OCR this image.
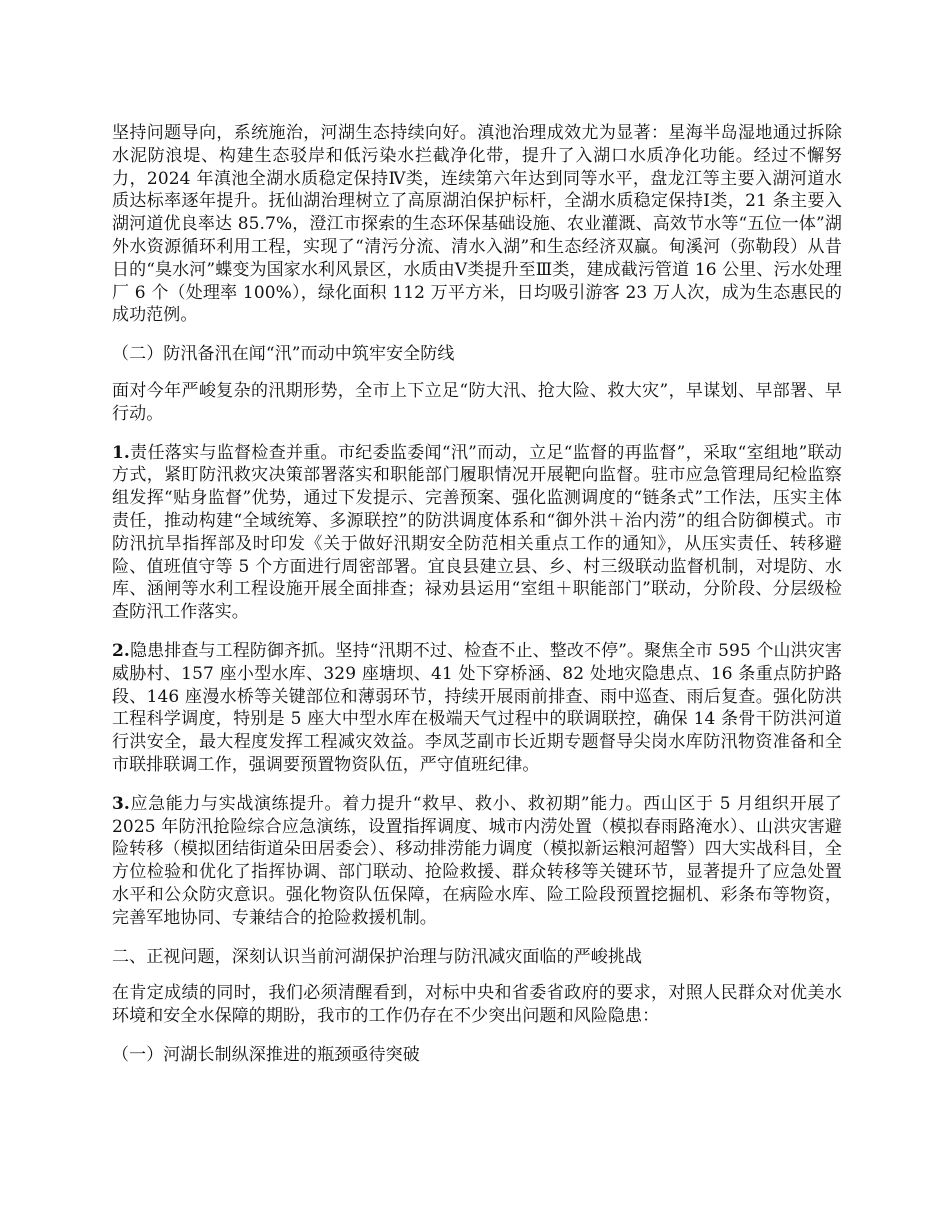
坚持问题导向，系统施治，河湖生态持续向好。滇池治理成效尤为显著：星海半岛湿地通过拆除水泥防浪堤、构建生态驳岸和低污染水拦截净化带，提升了入湖口水质净化功能。经过不懈努力，2024 年滇池全湖水质稳定保持Ⅳ类，连续第六年达到同等水平，盘龙江等主要入湖河道水质达标率逐年提升。抚仙湖治理树立了高原湖泊保护标杆，全湖水质稳定保持Ⅰ类，21 条主要入湖河道优良率达 85.7%，澄江市探索的生态环保基础设施、农业灌溉、高效节水等“五位一体”湖外水资源循环利用工程，实现了“清污分流、清水入湖”和生态经济双赢。甸溪河（弥勒段）从昔日的“臭水河”蝶变为国家水利风景区，水质由Ⅴ类提升至Ⅲ类，建成截污管道 16 公里、污水处理厂 6 个（处理率 100%），绿化面积 112 万平方米，日均吸引游客 23 万人次，成为生态惠民的成功范例。

（二）防汛备汛在闻“汛”而动中筑牢安全防线

面对今年严峻复杂的汛期形势，全市上下立足“防大汛、抢大险、救大灾”，早谋划、早部署、早行动。

1.责任落实与监督检查并重。市纪委监委闻“汛”而动，立足“监督的再监督”，采取“室组地”联动方式，紧盯防汛救灾决策部署落实和职能部门履职情况开展靶向监督。驻市应急管理局纪检监察组发挥“贴身监督”优势，通过下发提示、完善预案、强化监测调度的“链条式”工作法，压实主体责任，推动构建“全域统筹、多源联控”的防洪调度体系和“御外洪＋治内涝”的组合防御模式。市防汛抗旱指挥部及时印发《关于做好汛期安全防范相关重点工作的通知》，从压实责任、转移避险、值班值守等 5 个方面进行周密部署。宜良县建立县、乡、村三级联动监督机制，对堤防、水库、涵闸等水利工程设施开展全面排查；禄劝县运用“室组＋职能部门”联动，分阶段、分层级检查防汛工作落实。

2.隐患排查与工程防御齐抓。坚持“汛期不过、检查不止、整改不停”。聚焦全市 595 个山洪灾害威胁村、157 座小型水库、329 座塘坝、41 处下穿桥涵、82 处地灾隐患点、16 条重点防护路段、146 座漫水桥等关键部位和薄弱环节，持续开展雨前排查、雨中巡查、雨后复查。强化防洪工程科学调度，特别是 5 座大中型水库在极端天气过程中的联调联控，确保 14 条骨干防洪河道行洪安全，最大程度发挥工程减灾效益。李凤芝副市长近期专题督导尖岗水库防汛物资准备和全市联排联调工作，强调要预置物资队伍，严守值班纪律。

3.应急能力与实战演练提升。着力提升“救早、救小、救初期”能力。西山区于 5 月组织开展了 2025 年防汛抢险综合应急演练，设置指挥调度、城市内涝处置（模拟春雨路淹水）、山洪灾害避险转移（模拟团结街道朵田居委会）、移动排涝能力调度（模拟新运粮河超警）四大实战科目，全方位检验和优化了指挥协调、部门联动、抢险救援、群众转移等关键环节，显著提升了应急处置水平和公众防灾意识。强化物资队伍保障，在病险水库、险工险段预置挖掘机、彩条布等物资，完善军地协同、专兼结合的抢险救援机制。

二、正视问题，深刻认识当前河湖保护治理与防汛减灾面临的严峻挑战

在肯定成绩的同时，我们必须清醒看到，对标中央和省委省政府的要求，对照人民群众对优美水环境和安全水保障的期盼，我市的工作仍存在不少突出问题和风险隐患：

（一）河湖长制纵深推进的瓶颈亟待突破
